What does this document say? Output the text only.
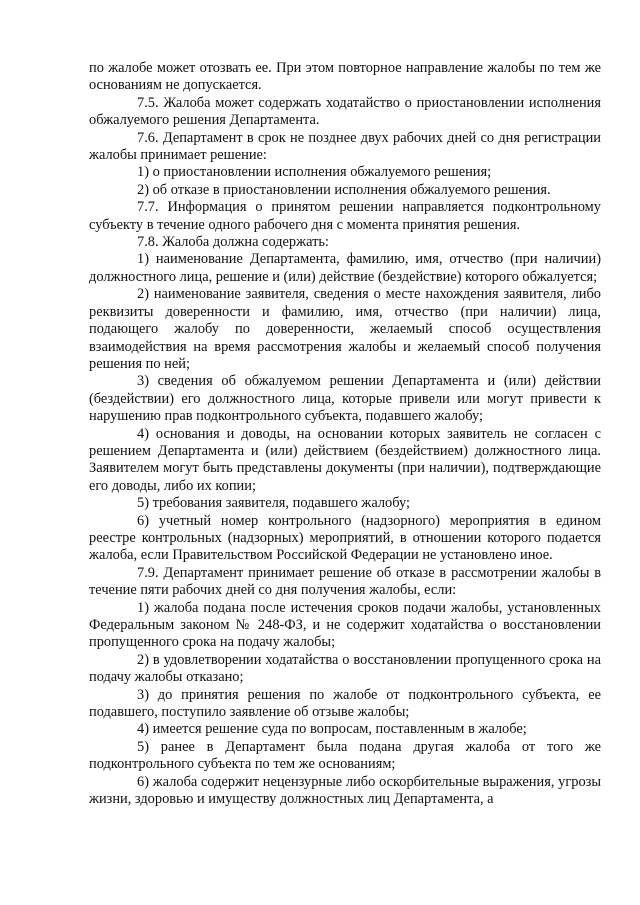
по жалобе может отозвать ее. При этом повторное направление жалобы по тем же основаниям не допускается.

7.5. Жалоба может содержать ходатайство о приостановлении исполнения обжалуемого решения Департамента.

7.6. Департамент в срок не позднее двух рабочих дней со дня регистрации жалобы принимает решение:

1) о приостановлении исполнения обжалуемого решения;

2) об отказе в приостановлении исполнения обжалуемого решения.

7.7. Информация о принятом решении направляется подконтрольному субъекту в течение одного рабочего дня с момента принятия решения.

7.8. Жалоба должна содержать:

1) наименование Департамента, фамилию, имя, отчество (при наличии) должностного лица, решение и (или) действие (бездействие) которого обжалуется;

2) наименование заявителя, сведения о месте нахождения заявителя, либо реквизиты доверенности и фамилию, имя, отчество (при наличии) лица, подающего жалобу по доверенности, желаемый способ осуществления взаимодействия на время рассмотрения жалобы и желаемый способ получения решения по ней;

3) сведения об обжалуемом решении Департамента и (или) действии (бездействии) его должностного лица, которые привели или могут привести к нарушению прав подконтрольного субъекта, подавшего жалобу;

4) основания и доводы, на основании которых заявитель не согласен с решением Департамента и (или) действием (бездействием) должностного лица. Заявителем могут быть представлены документы (при наличии), подтверждающие его доводы, либо их копии;

5) требования заявителя, подавшего жалобу;

6) учетный номер контрольного (надзорного) мероприятия в едином реестре контрольных (надзорных) мероприятий, в отношении которого подается жалоба, если Правительством Российской Федерации не установлено иное.

7.9. Департамент принимает решение об отказе в рассмотрении жалобы в течение пяти рабочих дней со дня получения жалобы, если:

1) жалоба подана после истечения сроков подачи жалобы, установленных Федеральным законом № 248-ФЗ, и не содержит ходатайства о восстановлении пропущенного срока на подачу жалобы;

2) в удовлетворении ходатайства о восстановлении пропущенного срока на подачу жалобы отказано;

3) до принятия решения по жалобе от подконтрольного субъекта, ее подавшего, поступило заявление об отзыве жалобы;

4) имеется решение суда по вопросам, поставленным в жалобе;

5) ранее в Департамент была подана другая жалоба от того же подконтрольного субъекта по тем же основаниям;

6) жалоба содержит нецензурные либо оскорбительные выражения, угрозы жизни, здоровью и имуществу должностных лиц Департамента, а
